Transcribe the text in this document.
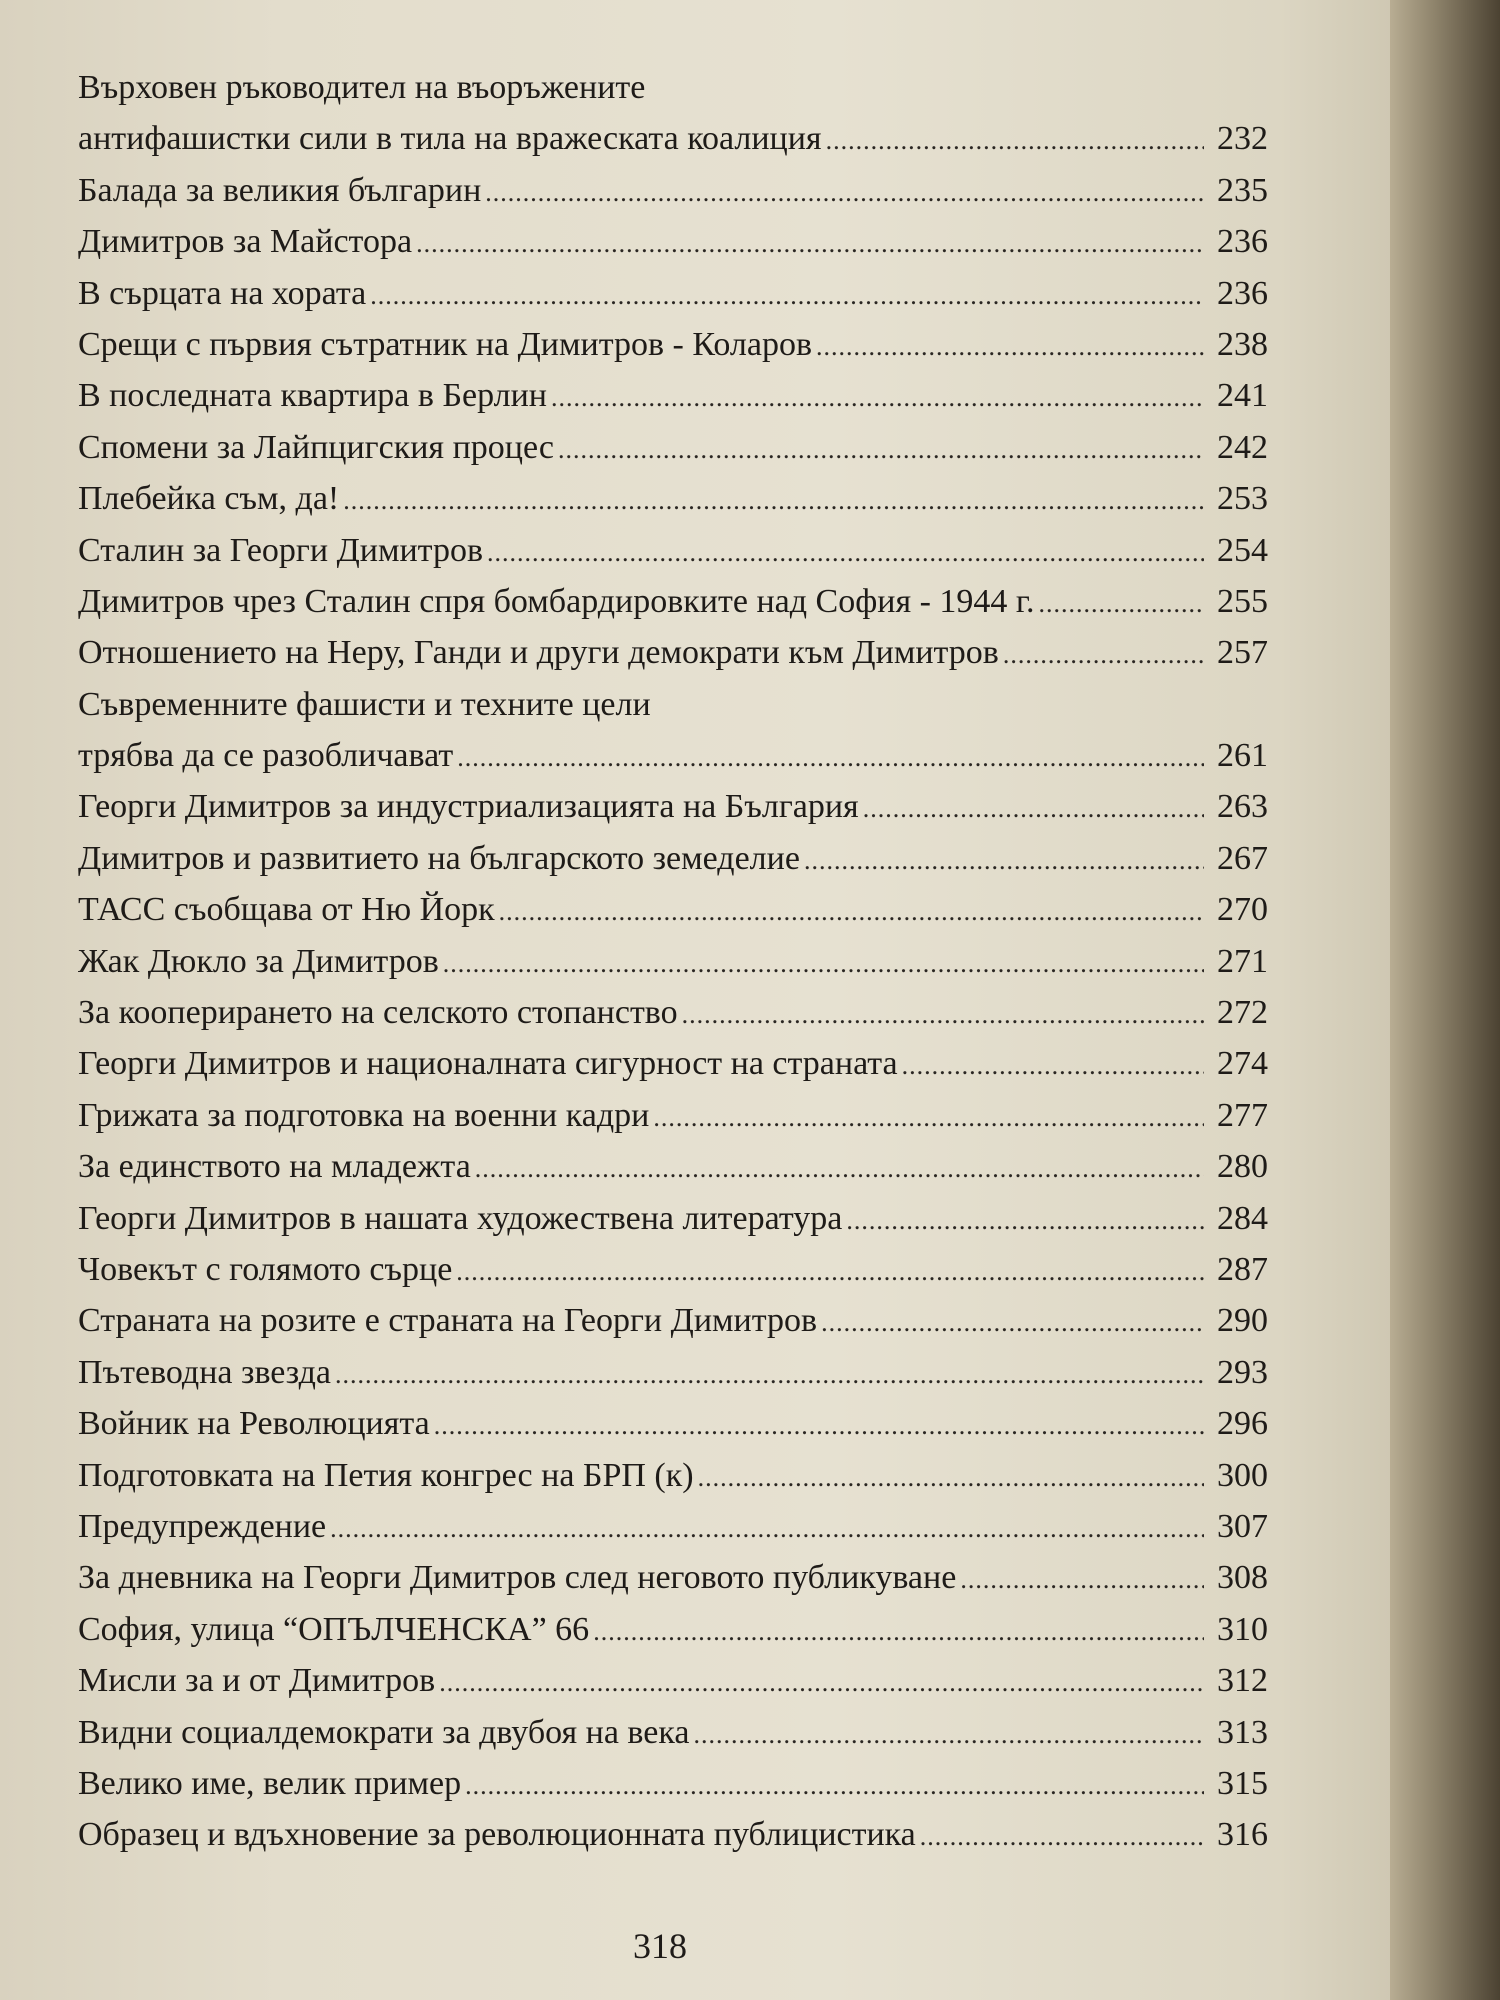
Върховен ръководител на въоръжените
антифашистки сили в тила на вражеската коалиция .....	232
Балада за великия българин .....	235
Димитров за Майстора .....	236
В сърцата на хората .....	236
Срещи с първия сътратник на Димитров - Коларов .....	238
В последната квартира в Берлин .....	241
Спомени за Лайпцигския процес .....	242
Плебейка съм, да! .....	253
Сталин за Георги Димитров .....	254
Димитров чрез Сталин спря бомбардировките над София - 1944 г. .....	255
Отношението на Неру, Ганди и други демократи към Димитров .....	257
Съвременните фашисти и техните цели
трябва да се разобличават .....	261
Георги Димитров за индустриализацията на България .....	263
Димитров и развитието на българското земеделие .....	267
ТАСС съобщава от Ню Йорк .....	270
Жак Дюкло за Димитров .....	271
За кооперирането на селското стопанство .....	272
Георги Димитров и националната сигурност на страната .....	274
Грижата за подготовка на военни кадри .....	277
За единството на младежта .....	280
Георги Димитров в нашата художествена литература .....	284
Човекът с голямото сърце .....	287
Страната на розите е страната на Георги Димитров .....	290
Пътеводна звезда .....	293
Войник на Революцията .....	296
Подготовката на Петия конгрес на БРП (к) .....	300
Предупреждение .....	307
За дневника на Георги Димитров след неговото публикуване .....	308
София, улица “ОПЪЛЧЕНСКА” 66 .....	310
Мисли за и от Димитров .....	312
Видни социалдемократи за двубоя на века .....	313
Велико име, велик пример .....	315
Образец и вдъхновение за революционната публицистика .....	316
318
